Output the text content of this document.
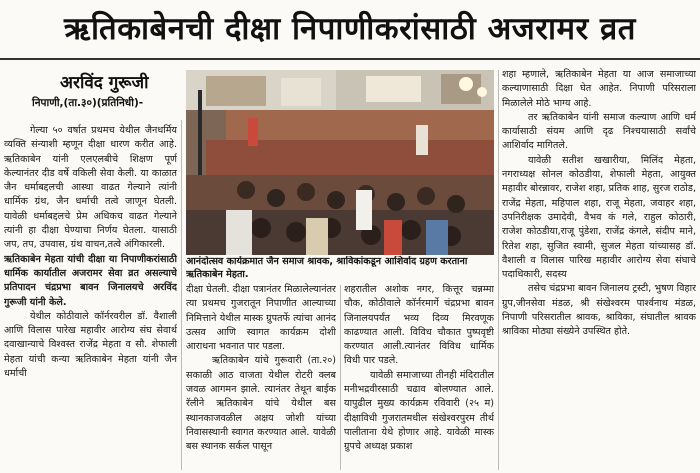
ऋतिकाबेनची दीक्षा निपाणीकरांसाठी अजरामर व्रत
अरविंद गुरूजी
निपाणी,(ता.३०)(प्रतिनिधी)-

गेल्या ५० वर्षात प्रथमच येथील जैनधर्मिय व्यक्ति संन्याशी म्हणून दीक्षा धारण करीत आहे. ऋतिकाबेन यांनी एलएलबीचे शिक्षण पूर्ण केल्यानंतर दीड वर्षे वकिली सेवा केली. या काळात जैन धर्माबद्दलची आस्था वाढत गेल्याने त्यांनी धार्मिक ग्रंथ, जैन धर्माची तत्वे जाणून घेतली. यावेळी धर्माबद्दलचे प्रेम अधिकच वाढत गेल्याने त्यांनी हा दीक्षा घेण्याचा निर्णय घेतला. यासाठी जप, तप, उपवास, ग्रंथ वाचन,तत्वे अंगिकारली.

ऋतिकाबेन मेहता यांची दीक्षा या निपाणीकरांसाठी धार्मिक कार्यातील अजरामर सेवा व्रत असल्याचे प्रतिपादन चंद्रप्रभा बावन जिनालयचे अरविंद गुरूजी यांनी केले.

येथील कोठीवाले कॉर्नरवरील डॉ. वैशाली आणि विलास पारेख महावीर आरोग्य संघ सेवार्थ दवाखान्याचे विश्वस्त राजेंद्र मेहता व सौ. शेफाली मेहता यांची कन्या ऋतिकाबेन मेहता यांनी जैन धर्माची

आनंदोत्सव कार्यक्रमात जैन समाज श्रावक, श्राविकांकडून आशिर्वाद ग्रहण करताना ऋतिकाबेन मेहता.

दीक्षा घेतली. दीक्षा पत्रानंतर मिळालेल्यानंतर त्या प्रथमच गुजरातून निपाणीत आल्याच्या निमित्ताने येथील मास्क ग्रुपतर्फे त्यांचा आनंद उत्सव आणि स्वागत कार्यक्रम दोशी आराधना भवनात पार पडला.

ऋतिकाबेन यांचे गुरूवारी (ता.२०) सकाळी आठ वाजता येथील रोटरी क्लब जवळ आगमन झाले. त्यानंतर तेथून बाईक रॅलीने ऋतिकाबेन यांचे येथील बस स्थानकाजवळील अक्षय जोशी यांच्या निवासस्थानी स्वागत करण्यात आले. यावेळी बस स्थानक सर्कल पासून

शहरातील अशोक नगर, कित्तूर चन्नम्मा चौक, कोठीवाले कॉर्नरमार्गे चंद्रप्रभा बावन जिनालयपर्यंत भव्य दिव्य मिरवणूक काढण्यात आली. विविध चौकात पुष्पवृष्टी करण्यात आली.त्यानंतर विविध धार्मिक विधी पार पडले.

यावेळी समाजाच्या तीनही मंदिरातील मनीभद्रवीरसाठी चढाव बोलण्यात आले. यापुढील मुख्य कार्यक्रम रविवारी (२५ म) दीक्षाविधी गुजरातमधील संखेश्वरपुरम तीर्थ पालीताना येथे होणार आहे. यावेळी मास्क ग्रुपचे अध्यक्ष प्रकाश

शहा म्हणाले, ऋतिकाबेन मेहता या आज समाजाच्या कल्याणासाठी दिक्षा घेत आहेत. निपाणी परिसराला मिळालेले मोठे भाग्य आहे.

तर ऋतिकाबेन यांनी समाज कल्याण आणि धर्म कार्यासाठी संयम आणि दृढ निश्चयासाठी सर्वांचे आशिर्वाद मागितले.

यावेळी सतीश खखारीया, मिलिंद मेहता, नगराध्यक्ष सोनल कोठडीया, शेफाली मेहता, आयुक्त महावीर बोरन्नावर, राजेश शहा, प्रतिक शाह, सुरज राठोड, राजेंद्र मेहता, महिपाल शहा, राजू मेहता, जवाहर शहा, उपनिरीक्षक उमादेवी, वैभव कं गले, राहुल कोठारी, राजेश कोठडीया,राजू पुंडेशा, राजेंद्र कंगले, संदीप माने, रितेश शहा, सुजित स्वामी, सुजल मेहता यांच्यासह डॉ. वैशाली व विलास पारिख महावीर आरोग्य सेवा संघाचे पदाधिकारी, सदस्य

तसेच चंद्रप्रभा बावन जिनालय ट्रस्टी, भुषण विहार ग्रुप,जीनसेवा मंडळ, श्री संखेश्वरम पार्श्वनाथ मंडळ, निपाणी परिसरातील श्रावक, श्राविका, संघातील श्रावक श्राविका मोठ्या संख्येने उपस्थित होते.
